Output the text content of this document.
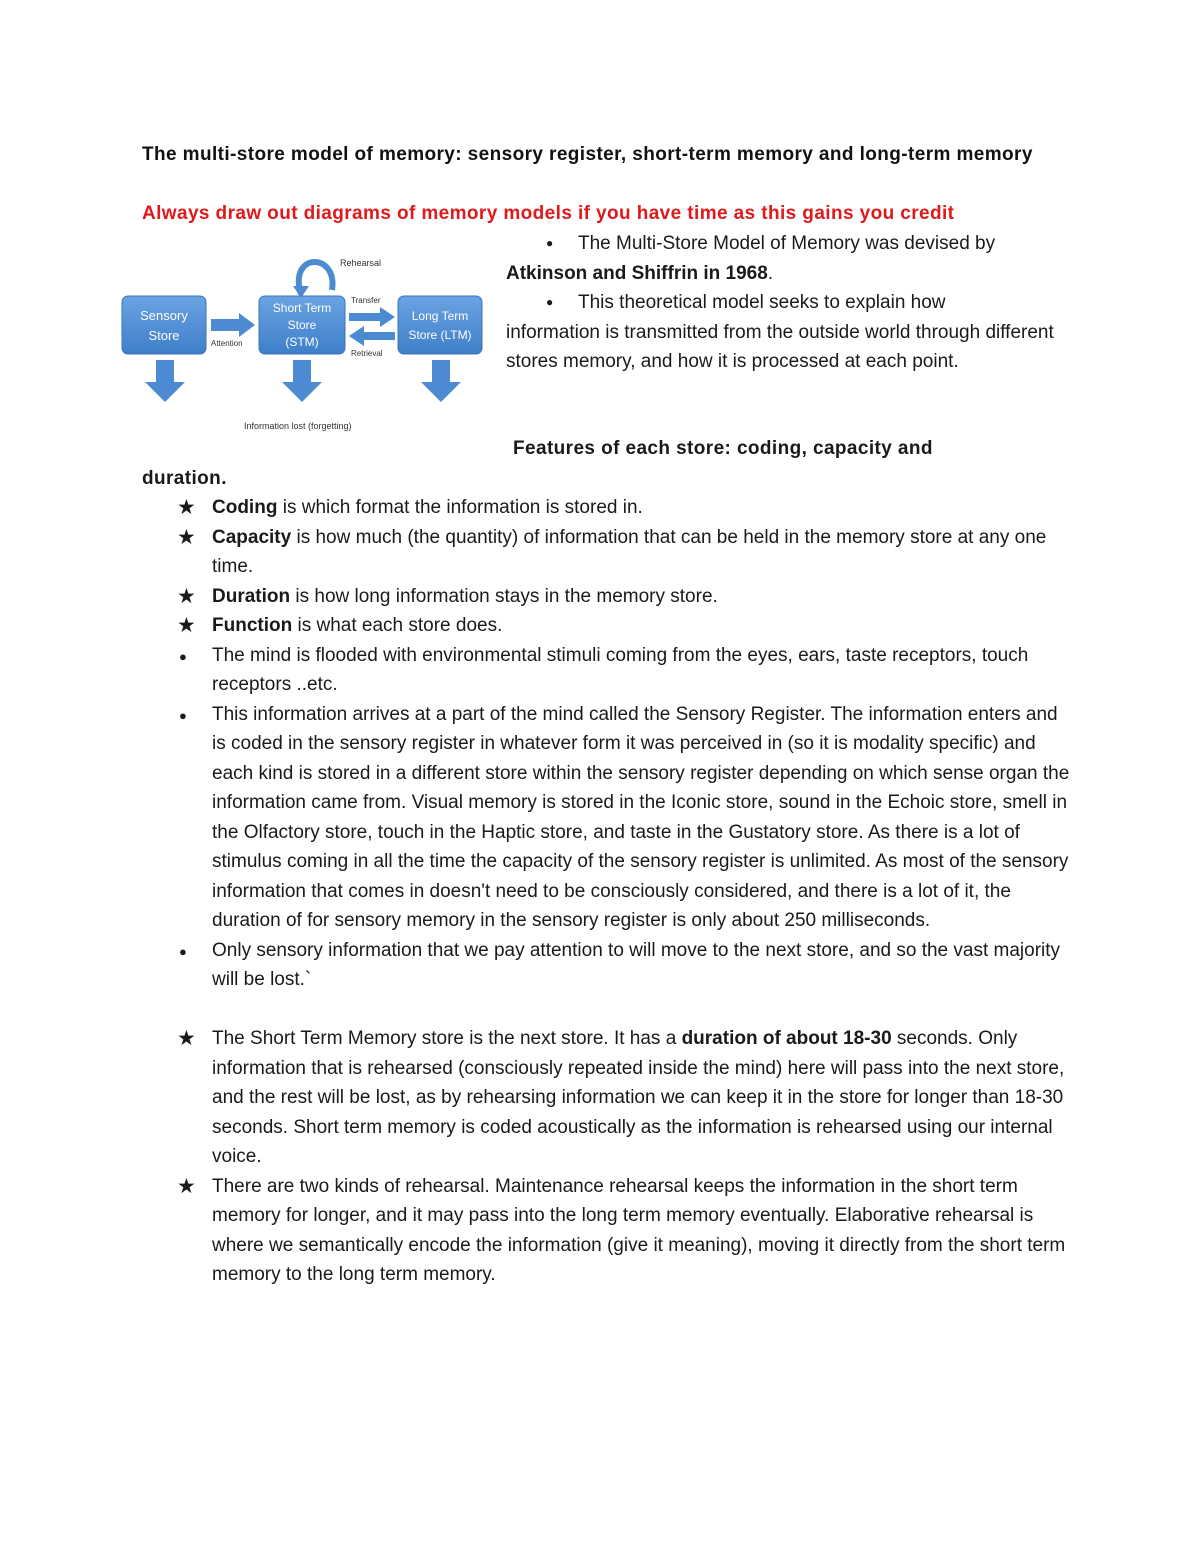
The multi-store model of memory: sensory register, short-term memory and long-term memory
Always draw out diagrams of memory models if you have time as this gains you credit
Rehearsal
Sensory
Store
Short Term
Store
(STM)
Long Term
Store (LTM)
Attention
Transfer
Retrieval
Information lost (forgetting)

● The Multi-Store Model of Memory was devised by

Atkinson and Shiffrin in 1968.

● This theoretical model seeks to explain how

information is transmitted from the outside world through different stores memory, and how it is processed at each point.

Features of each store: coding, capacity and
duration.
★ Coding is which format the information is stored in.
★ Capacity is how much (the quantity) of information that can be held in the memory store at any one time.
★ Duration is how long information stays in the memory store.
★ Function is what each store does.
● The mind is flooded with environmental stimuli coming from the eyes, ears, taste receptors, touch receptors ..etc.
● This information arrives at a part of the mind called the Sensory Register. The information enters and is coded in the sensory register in whatever form it was perceived in (so it is modality specific) and each kind is stored in a different store within the sensory register depending on which sense organ the information came from. Visual memory is stored in the Iconic store, sound in the Echoic store, smell in the Olfactory store, touch in the Haptic store, and taste in the Gustatory store. As there is a lot of stimulus coming in all the time the capacity of the sensory register is unlimited. As most of the sensory information that comes in doesn't need to be consciously considered, and there is a lot of it, the duration of for sensory memory in the sensory register is only about 250 milliseconds.
● Only sensory information that we pay attention to will move to the next store, and so the vast majority will be lost.`
★ The Short Term Memory store is the next store. It has a duration of about 18-30 seconds. Only information that is rehearsed (consciously repeated inside the mind) here will pass into the next store, and the rest will be lost, as by rehearsing information we can keep it in the store for longer than 18-30 seconds. Short term memory is coded acoustically as the information is rehearsed using our internal voice.
★ There are two kinds of rehearsal. Maintenance rehearsal keeps the information in the short term memory for longer, and it may pass into the long term memory eventually. Elaborative rehearsal is where we semantically encode the information (give it meaning), moving it directly from the short term memory to the long term memory.
